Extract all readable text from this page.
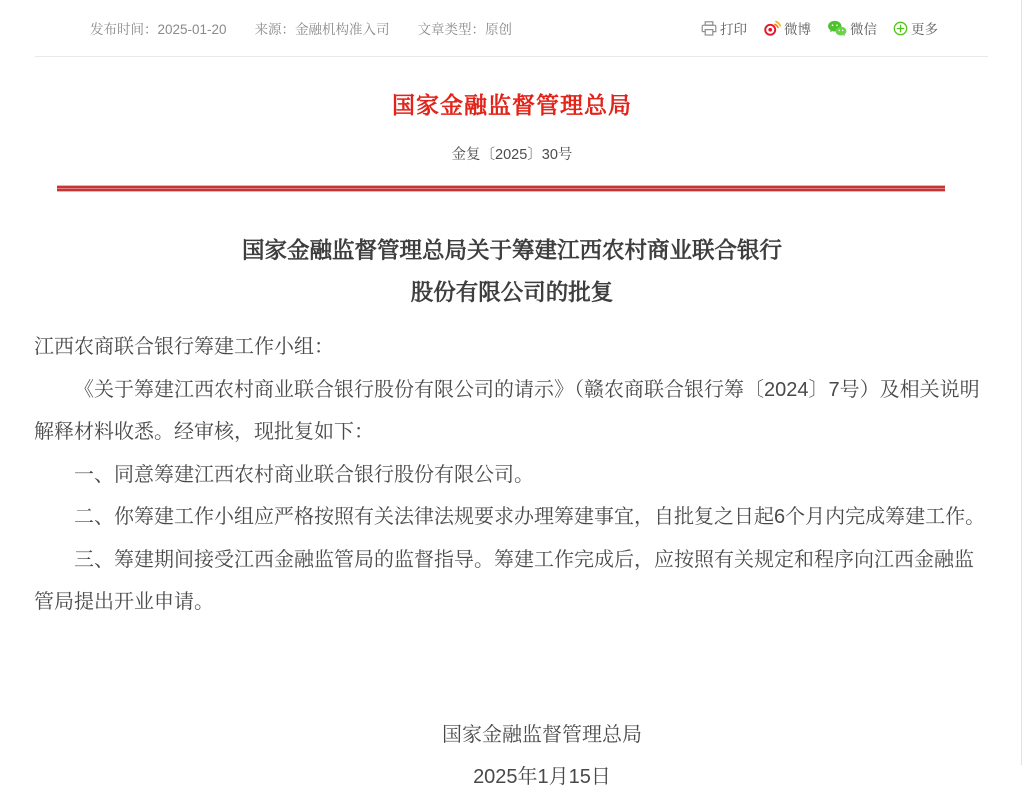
发布时间：2025-01-20 来源：金融机构准入司 文章类型：原创	打印	微博	微信	更多
国家金融监督管理总局
金复〔2025〕30号
国家金融监督管理总局关于筹建江西农村商业联合银行
股份有限公司的批复

江西农商联合银行筹建工作小组：

《关于筹建江西农村商业联合银行股份有限公司的请示》（赣农商联合银行筹〔2024〕7号）及相关说明解释材料收悉。经审核，现批复如下：

一、同意筹建江西农村商业联合银行股份有限公司。

二、你筹建工作小组应严格按照有关法律法规要求办理筹建事宜，自批复之日起6个月内完成筹建工作。

三、筹建期间接受江西金融监管局的监督指导。筹建工作完成后，应按照有关规定和程序向江西金融监管局提出开业申请。

国家金融监督管理总局
2025年1月15日
